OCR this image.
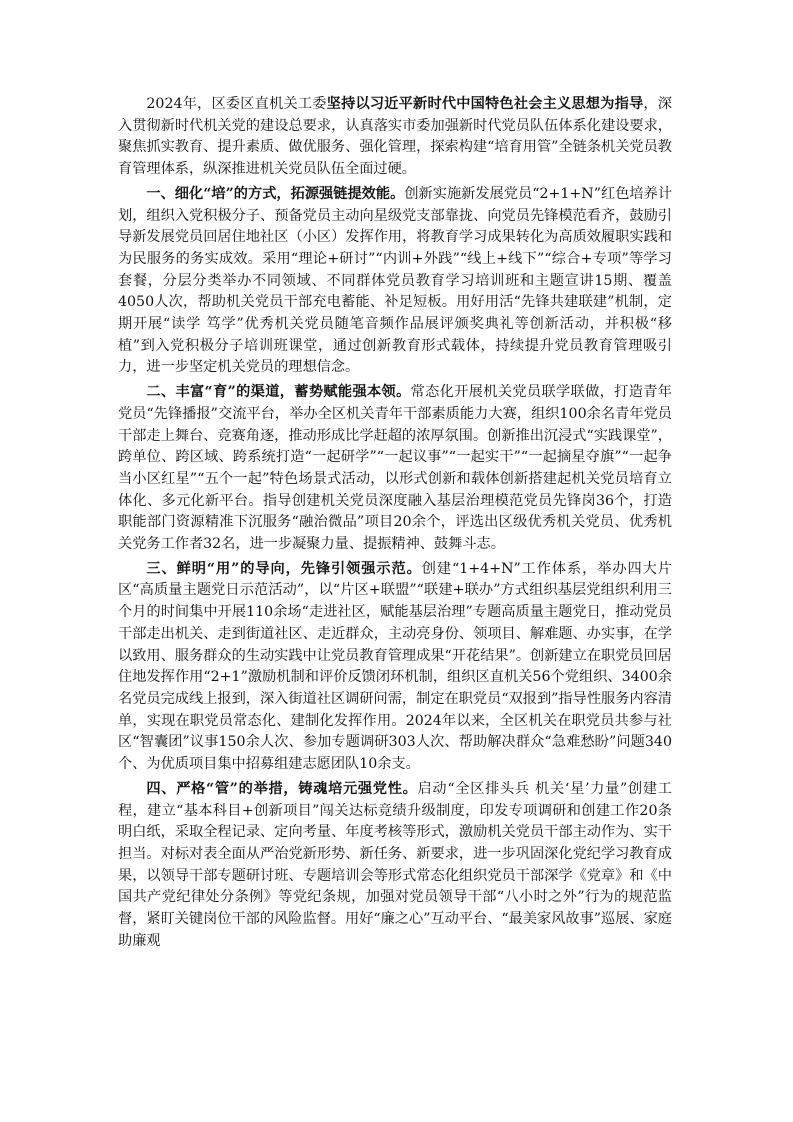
2024年，区委区直机关工委坚持以习近平新时代中国特色社会主义思想为指导，深入贯彻新时代机关党的建设总要求，认真落实市委加强新时代党员队伍体系化建设要求，聚焦抓实教育、提升素质、做优服务、强化管理，探索构建“培育用管”全链条机关党员教育管理体系，纵深推进机关党员队伍全面过硬。

一、细化“培”的方式，拓源强链提效能。创新实施新发展党员“2+1+N”红色培养计划，组织入党积极分子、预备党员主动向星级党支部靠拢、向党员先锋模范看齐，鼓励引导新发展党员回居住地社区（小区）发挥作用，将教育学习成果转化为高质效履职实践和为民服务的务实成效。采用“理论+研讨”“内训+外践”“线上+线下”“综合+专项”等学习套餐，分层分类举办不同领域、不同群体党员教育学习培训班和主题宣讲15期、覆盖4050人次，帮助机关党员干部充电蓄能、补足短板。用好用活“先锋共建联建”机制，定期开展“读学 笃学”优秀机关党员随笔音频作品展评颁奖典礼等创新活动，并积极“移植”到入党积极分子培训班课堂，通过创新教育形式载体，持续提升党员教育管理吸引力，进一步坚定机关党员的理想信念。

二、丰富“育”的渠道，蓄势赋能强本领。常态化开展机关党员联学联做，打造青年党员“先锋播报”交流平台，举办全区机关青年干部素质能力大赛，组织100余名青年党员干部走上舞台、竞赛角逐，推动形成比学赶超的浓厚氛围。创新推出沉浸式“实践课堂”，跨单位、跨区域、跨系统打造“一起研学”“一起议事”“一起实干”“一起摘星夺旗”“一起争当小区红星”“五个一起”特色场景式活动，以形式创新和载体创新搭建起机关党员培育立体化、多元化新平台。指导创建机关党员深度融入基层治理模范党员先锋岗36个，打造职能部门资源精准下沉服务“融治微品”项目20余个，评选出区级优秀机关党员、优秀机关党务工作者32名，进一步凝聚力量、提振精神、鼓舞斗志。

三、鲜明“用”的导向，先锋引领强示范。创建“1+4+N”工作体系，举办四大片区“高质量主题党日示范活动”，以“片区+联盟”“联建+联办”方式组织基层党组织利用三个月的时间集中开展110余场“走进社区，赋能基层治理”专题高质量主题党日，推动党员干部走出机关、走到街道社区、走近群众，主动亮身份、领项目、解难题、办实事，在学以致用、服务群众的生动实践中让党员教育管理成果“开花结果”。创新建立在职党员回居住地发挥作用“2+1”激励机制和评价反馈闭环机制，组织区直机关56个党组织、3400余名党员完成线上报到，深入街道社区调研问需，制定在职党员“双报到”指导性服务内容清单，实现在职党员常态化、建制化发挥作用。2024年以来，全区机关在职党员共参与社区“智囊团”议事150余人次、参加专题调研303人次、帮助解决群众“急难愁盼”问题340个、为优质项目集中招募组建志愿团队10余支。

四、严格“管”的举措，铸魂培元强党性。启动“全区排头兵 机关‘星’力量”创建工程，建立“基本科目+创新项目”闯关达标竞绩升级制度，印发专项调研和创建工作20条明白纸，采取全程记录、定向考量、年度考核等形式，激励机关党员干部主动作为、实干担当。对标对表全面从严治党新形势、新任务、新要求，进一步巩固深化党纪学习教育成果，以领导干部专题研讨班、专题培训会等形式常态化组织党员干部深学《党章》和《中国共产党纪律处分条例》等党纪条规，加强对党员领导干部“八小时之外”行为的规范监督，紧盯关键岗位干部的风险监督。用好“廉之心”互动平台、“最美家风故事”巡展、家庭助廉观
